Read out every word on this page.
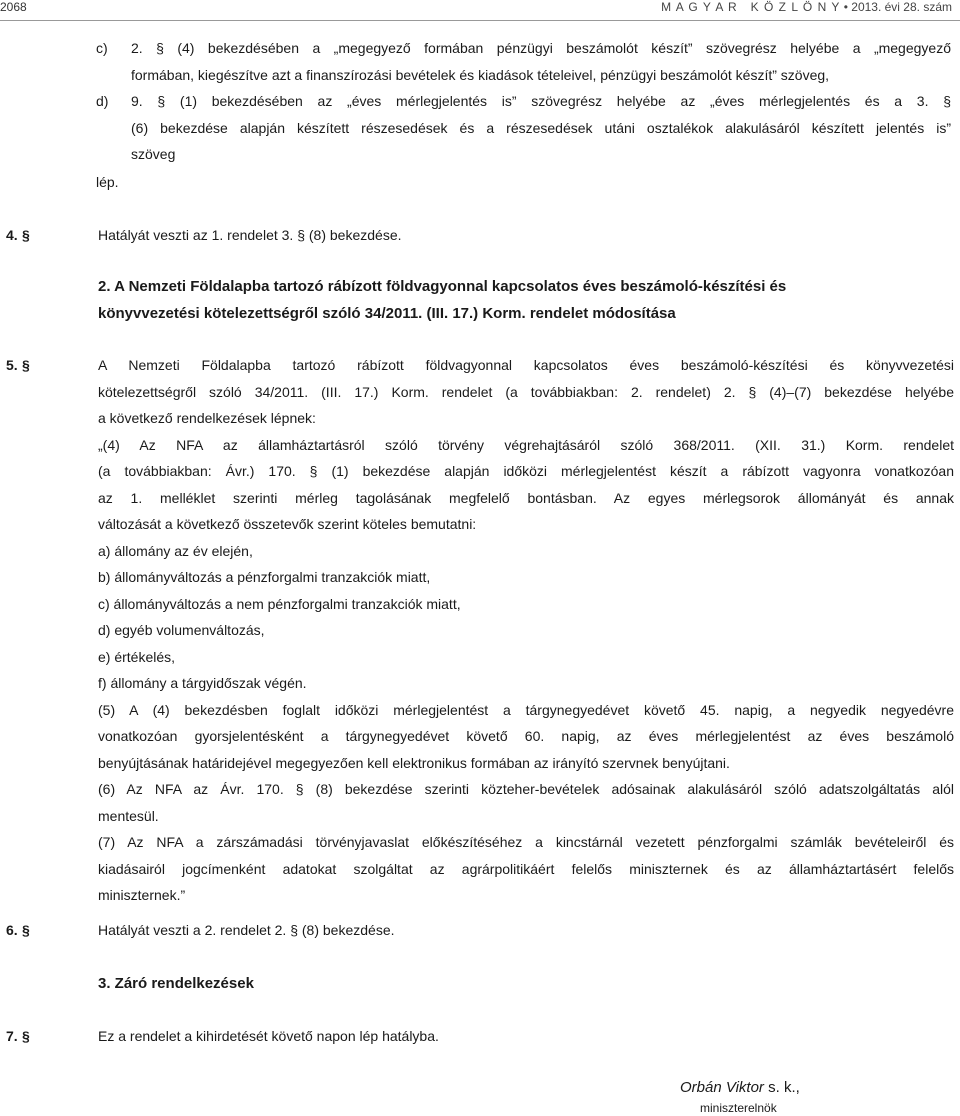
2068	M A G Y A R   K Ö Z L Ö N Y • 2013. évi 28. szám
c) 2. § (4) bekezdésében a „megegyező formában pénzügyi beszámolót készít” szövegrész helyébe a „megegyező
formában, kiegészítve azt a finanszírozási bevételek és kiadások tételeivel, pénzügyi beszámolót készít” szöveg,
d) 9. § (1) bekezdésében az „éves mérlegjelentés is” szövegrész helyébe az „éves mérlegjelentés és a 3. §
(6) bekezdése alapján készített részesedések és a részesedések utáni osztalékok alakulásáról készített jelentés is”
szöveg
lép.
4. §	Hatályát veszti az 1. rendelet 3. § (8) bekezdése.
2. A Nemzeti Földalapba tartozó rábízott földvagyonnal kapcsolatos éves beszámoló-készítési és
könyvvezetési kötelezettségről szóló 34/2011. (III. 17.) Korm. rendelet módosítása
5. §	A Nemzeti Földalapba tartozó rábízott földvagyonnal kapcsolatos éves beszámoló-készítési és könyvvezetési
kötelezettségről szóló 34/2011. (III. 17.) Korm. rendelet (a továbbiakban: 2. rendelet) 2. § (4)–(7) bekezdése helyébe
a következő rendelkezések lépnek:
„(4) Az NFA az államháztartásról szóló törvény végrehajtásáról szóló 368/2011. (XII. 31.) Korm. rendelet
(a továbbiakban: Ávr.) 170. § (1) bekezdése alapján időközi mérlegjelentést készít a rábízott vagyonra vonatkozóan
az 1. melléklet szerinti mérleg tagolásának megfelelő bontásban. Az egyes mérlegsorok állományát és annak
változását a következő összetevők szerint köteles bemutatni:
a) állomány az év elején,
b) állományváltozás a pénzforgalmi tranzakciók miatt,
c) állományváltozás a nem pénzforgalmi tranzakciók miatt,
d) egyéb volumenváltozás,
e) értékelés,
f) állomány a tárgyidőszak végén.
(5) A (4) bekezdésben foglalt időközi mérlegjelentést a tárgynegyedévet követő 45. napig, a negyedik negyedévre
vonatkozóan gyorsjelentésként a tárgynegyedévet követő 60. napig, az éves mérlegjelentést az éves beszámoló
benyújtásának határidejével megegyezően kell elektronikus formában az irányító szervnek benyújtani.
(6) Az NFA az Ávr. 170. § (8) bekezdése szerinti közteher-bevételek adósainak alakulásáról szóló adatszolgáltatás alól
mentesül.
(7) Az NFA a zárszámadási törvényjavaslat előkészítéséhez a kincstárnál vezetett pénzforgalmi számlák bevételeiről és
kiadásairól jogcímenként adatokat szolgáltat az agrárpolitikáért felelős miniszternek és az államháztartásért felelős
miniszternek.”
6. §	Hatályát veszti a 2. rendelet 2. § (8) bekezdése.
3. Záró rendelkezések
7. §	Ez a rendelet a kihirdetését követő napon lép hatályba.
Orbán Viktor s. k.,
miniszterelnök
